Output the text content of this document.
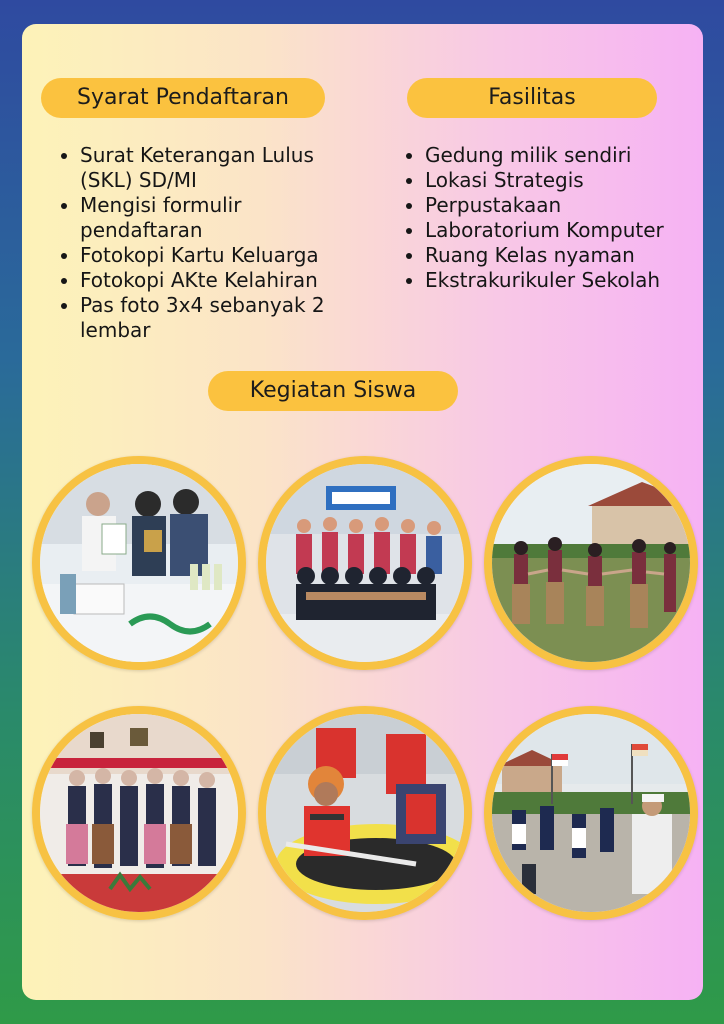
Syarat Pendaftaran
Surat Keterangan Lulus (SKL) SD/MI
Mengisi formulir pendaftaran
Fotokopi Kartu Keluarga
Fotokopi AKte Kelahiran
Pas foto 3x4 sebanyak 2 lembar
Fasilitas
Gedung milik sendiri
Lokasi Strategis
Perpustakaan
Laboratorium Komputer
Ruang Kelas nyaman
Ekstrakurikuler Sekolah
Kegiatan Siswa
